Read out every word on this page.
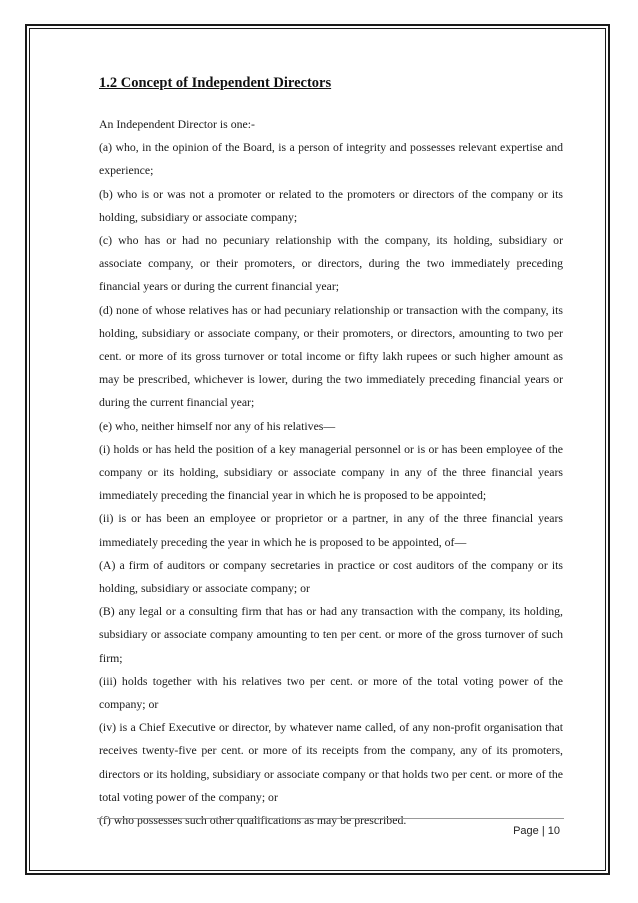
1.2 Concept of Independent Directors

An Independent Director is one:-

(a) who, in the opinion of the Board, is a person of integrity and possesses relevant expertise and experience;

(b) who is or was not a promoter or related to the promoters or directors of the company or its holding, subsidiary or associate company;

(c) who has or had no pecuniary relationship with the company, its holding, subsidiary or associate company, or their promoters, or directors, during the two immediately preceding financial years or during the current financial year;

(d) none of whose relatives has or had pecuniary relationship or transaction with the company, its holding, subsidiary or associate company, or their promoters, or directors, amounting to two per cent. or more of its gross turnover or total income or fifty lakh rupees or such higher amount as may be prescribed, whichever is lower, during the two immediately preceding financial years or during the current financial year;

(e) who, neither himself nor any of his relatives—

(i) holds or has held the position of a key managerial personnel or is or has been employee of the company or its holding, subsidiary or associate company in any of the three financial years immediately preceding the financial year in which he is proposed to be appointed;

(ii) is or has been an employee or proprietor or a partner, in any of the three financial years immediately preceding the year in which he is proposed to be appointed, of—

(A) a firm of auditors or company secretaries in practice or cost auditors of the company or its holding, subsidiary or associate company; or

(B) any legal or a consulting firm that has or had any transaction with the company, its holding, subsidiary or associate company amounting to ten per cent. or more of the gross turnover of such firm;

(iii) holds together with his relatives two per cent. or more of the total voting power of the company; or

(iv) is a Chief Executive or director, by whatever name called, of any non-profit organisation that receives twenty-five per cent. or more of its receipts from the company, any of its promoters, directors or its holding, subsidiary or associate company or that holds two per cent. or more of the total voting power of the company; or

(f) who possesses such other qualifications as may be prescribed.

Page | 10
